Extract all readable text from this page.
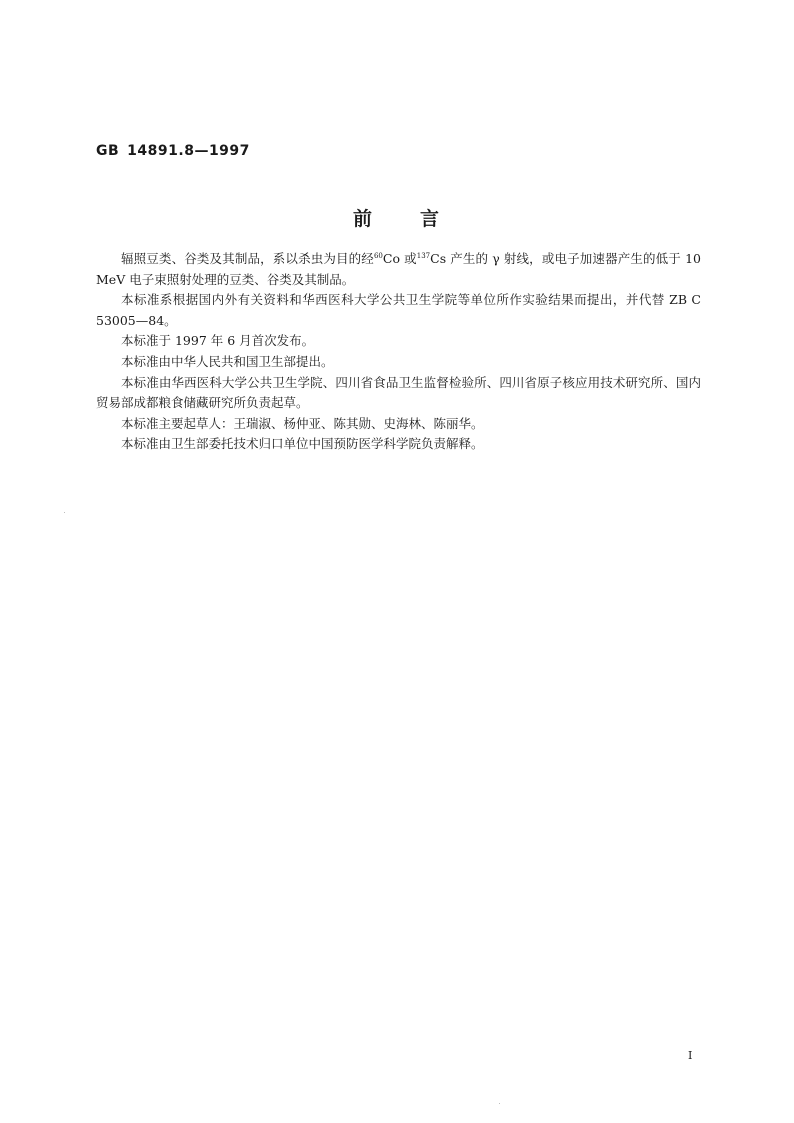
GB 14891.8—1997
前 言

辐照豆类、谷类及其制品，系以杀虫为目的经$^{60}$Co 或$^{137}$Cs 产生的 γ 射线，或电子加速器产生的低于 10 MeV 电子束照射处理的豆类、谷类及其制品。

本标准系根据国内外有关资料和华西医科大学公共卫生学院等单位所作实验结果而提出，并代替 ZB C 53005—84。

本标准于 1997 年 6 月首次发布。

本标准由中华人民共和国卫生部提出。

本标准由华西医科大学公共卫生学院、四川省食品卫生监督检验所、四川省原子核应用技术研究所、国内贸易部成都粮食储藏研究所负责起草。

本标准主要起草人：王瑞淑、杨仲亚、陈其勋、史海林、陈丽华。

本标准由卫生部委托技术归口单位中国预防医学科学院负责解释。

I
